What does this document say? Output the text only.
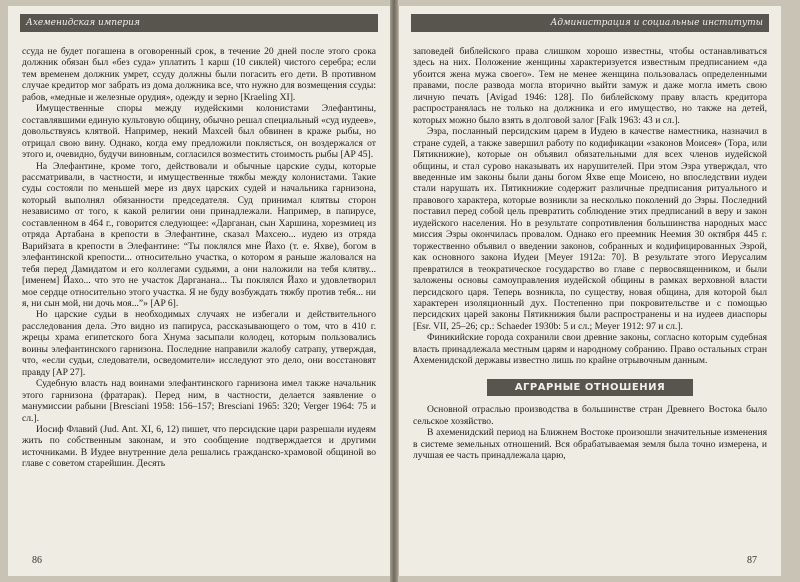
Ахеменидская империя

ссуда не будет погашена в оговоренный срок, в течение 20 дней после этого срока должник обязан был «без суда» уплатить 1 карш (10 сиклей) чистого серебра; если тем временем должник умрет, ссуду должны были погасить его дети. В противном случае кредитор мог забрать из дома должника все, что нужно для возмещения ссуды: рабов, «медные и железные орудия», одежду и зерно [Kraeling XI].

Имущественные споры между иудейскими колонистами Элефантины, составлявшими единую культовую общину, обычно решал специальный «суд иудеев», довольствуясь клятвой. Например, некий Махсей был обвинен в краже рыбы, но отрицал свою вину. Однако, когда ему предложили поклясться, он воздержался от этого и, очевидно, будучи виновным, согласился возместить стоимость рыбы [AP 45].

На Элефантине, кроме того, действовали и обычные царские суды, которые рассматривали, в частности, и имущественные тяжбы между колонистами. Такие суды состояли по меньшей мере из двух царских судей и начальника гарнизона, который выполнял обязанности председателя. Суд принимал клятвы сторон независимо от того, к какой религии они принадлежали. Например, в папирусе, составленном в 464 г., говорится следующее: «Дарганан, сын Харшина, хорезмиец из отряда Артабана в крепости в Элефантине, сказал Махсею... иудею из отряда Варийзата в крепости в Элефантине: “Ты поклялся мне Йахо (т. е. Яхве), богом в элефантинской крепости... относительно участка, о котором я раньше жаловался на тебя перед Дамидатом и его коллегами судьями, а они наложили на тебя клятву... [именем] Йахо... что это не участок Дарганана... Ты поклялся Йахо и удовлетворил мое сердце относительно этого участка. Я не буду возбуждать тяжбу против тебя... ни я, ни сын мой, ни дочь моя...”» [AP 6].

Но царские судьи в необходимых случаях не избегали и действительного расследования дела. Это видно из папируса, рассказывающего о том, что в 410 г. жрецы храма египетского бога Хнума засыпали колодец, которым пользовались воины элефантинского гарнизона. Последние направили жалобу сатрапу, утверждая, что, «если судьи, следователи, осведомители» исследуют это дело, они восстановят правду [AP 27].

Судебную власть над воинами элефантинского гарнизона имел также начальник этого гарнизона (фратарак). Перед ним, в частности, делается заявление о манумиссии рабыни [Bresciani 1958: 156–157; Bresciani 1965: 320; Verger 1964: 75 и сл.].

Иосиф Флавий (Jud. Ant. XI, 6, 12) пишет, что персидские цари разрешали иудеям жить по собственным законам, и это сообщение подтверждается и другими источниками. В Иудее внутренние дела решались гражданско-храмовой общиной во главе с советом старейшин. Десять

86
Администрация и социальные институты

заповедей библейского права слишком хорошо известны, чтобы останавливаться здесь на них. Положение женщины характеризуется известным предписанием «да убоится жена мужа своего». Тем не менее женщина пользовалась определенными правами, после развода могла вторично выйти замуж и даже могла иметь свою личную печать [Avigad 1946: 128]. По библейскому праву власть кредитора распространялась не только на должника и его имущество, но также на детей, которых можно было взять в долговой залог [Falk 1963: 43 и сл.].

Эзра, посланный персидским царем в Иудею в качестве наместника, назначил в стране судей, а также завершил работу по кодификации «законов Моисея» (Тора, или Пятикнижие), которые он объявил обязательными для всех членов иудейской общины, и стал сурово наказывать их нарушителей. При этом Эзра утверждал, что введенные им законы были даны богом Яхве еще Моисею, но впоследствии иудеи стали нарушать их. Пятикнижие содержит различные предписания ритуального и правового характера, которые возникли за несколько поколений до Эзры. Последний поставил перед собой цель превратить соблюдение этих предписаний в веру и закон иудейского населения. Но в результате сопротивления большинства народных масс миссия Эзры окончилась провалом. Однако его преемник Неемия 30 октября 445 г. торжественно объявил о введении законов, собранных и кодифицированных Эзрой, как основного закона Иудеи [Meyer 1912a: 70]. В результате этого Иерусалим превратился в теократическое государство во главе с первосвященником, и были заложены основы самоуправления иудейской общины в рамках верховной власти персидского царя. Теперь возникла, по существу, новая община, для которой был характерен изоляционный дух. Постепенно при покровительстве и с помощью персидских царей законы Пятикнижия были распространены и на иудеев диаспоры [Esr. VII, 25–26; ср.: Schaeder 1930b: 5 и сл.; Meyer 1912: 97 и сл.].

Финикийские города сохранили свои древние законы, согласно которым судебная власть принадлежала местным царям и народному собранию. Право остальных стран Ахеменидской державы известно лишь по крайне отрывочным данным.

АГРАРНЫЕ ОТНОШЕНИЯ

Основной отраслью производства в большинстве стран Древнего Востока было сельское хозяйство.

В ахеменидский период на Ближнем Востоке произошли значительные изменения в системе земельных отношений. Вся обрабатываемая земля была точно измерена, и лучшая ее часть принадлежала царю,

87
